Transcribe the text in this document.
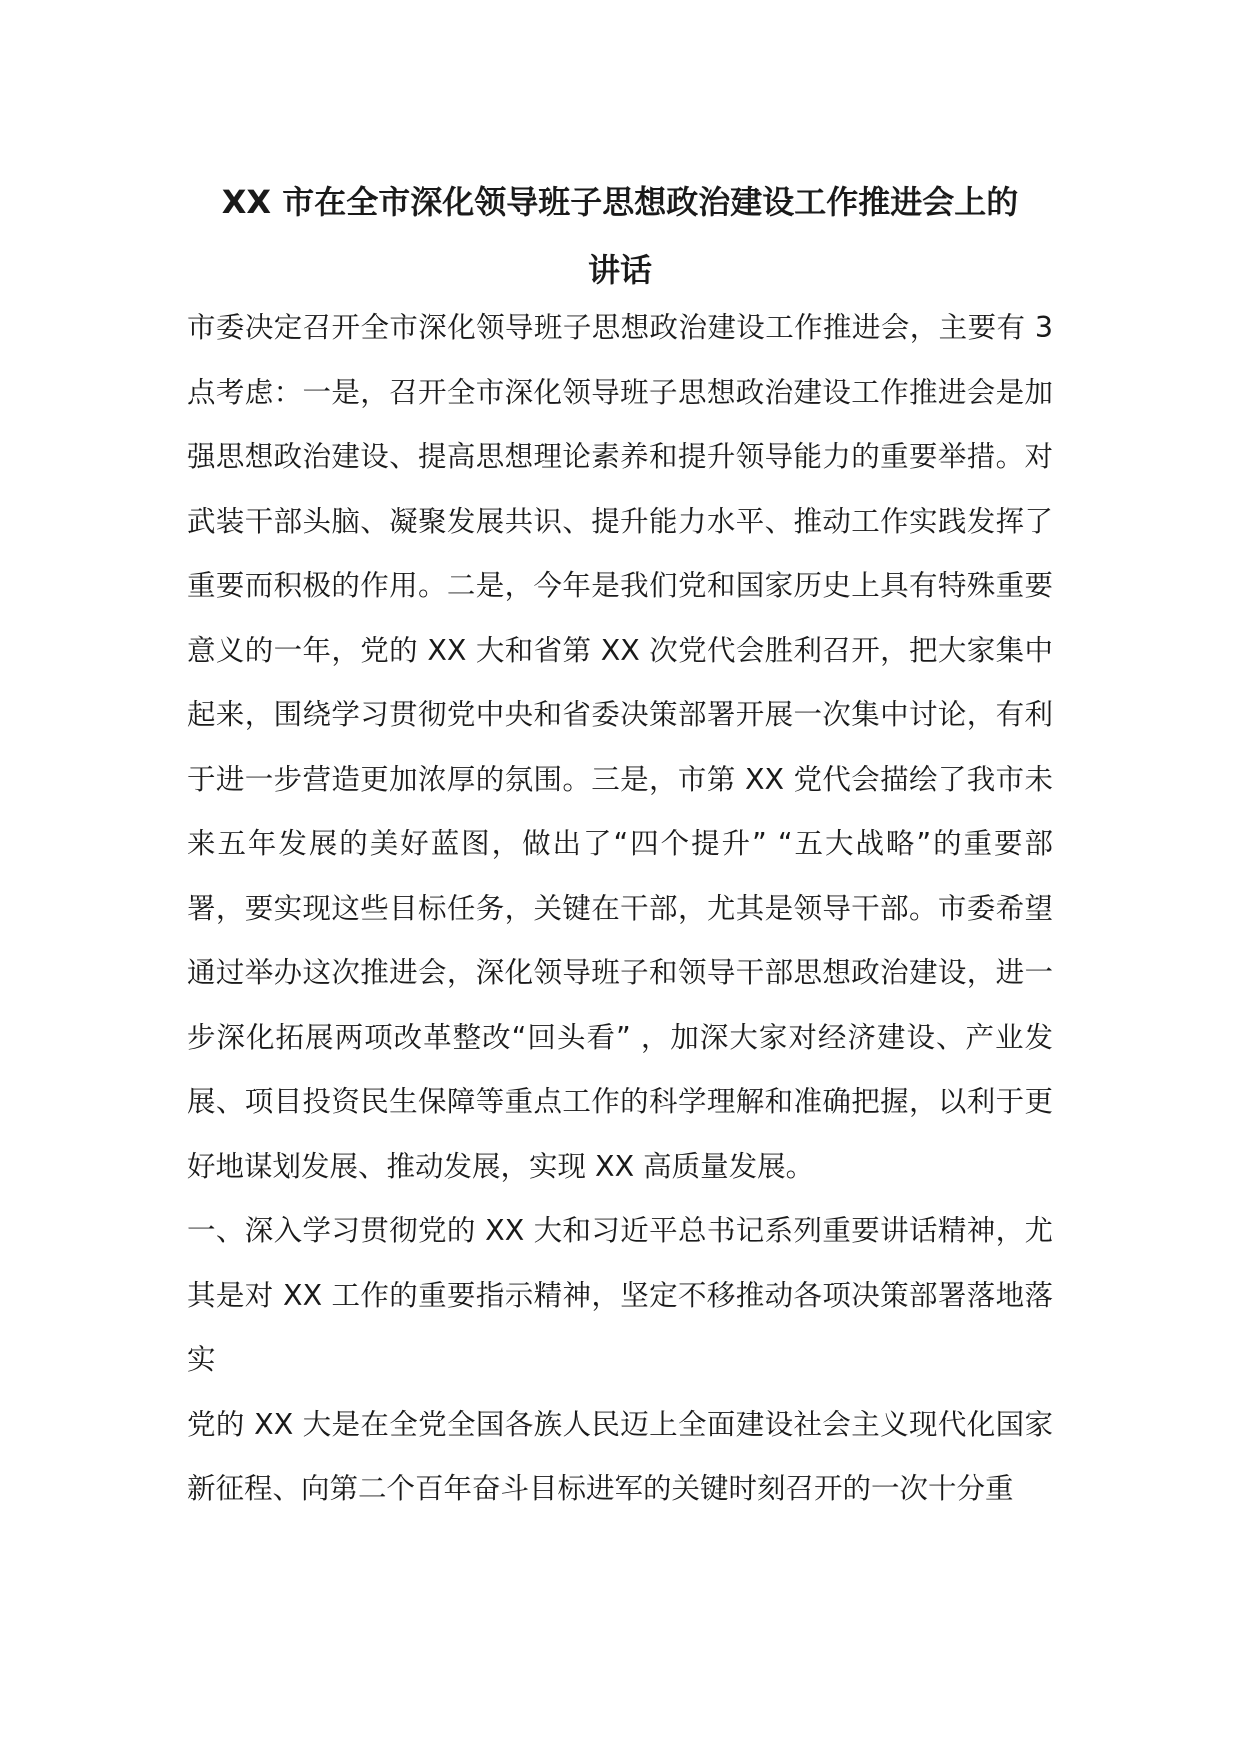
XX 市在全市深化领导班子思想政治建设工作推进会上的
讲话

市委决定召开全市深化领导班子思想政治建设工作推进会，主要有 3 点考虑：一是，召开全市深化领导班子思想政治建设工作推进会是加强思想政治建设、提高思想理论素养和提升领导能力的重要举措。对武装干部头脑、凝聚发展共识、提升能力水平、推动工作实践发挥了重要而积极的作用。二是，今年是我们党和国家历史上具有特殊重要意义的一年，党的 XX 大和省第 XX 次党代会胜利召开，把大家集中起来，围绕学习贯彻党中央和省委决策部署开展一次集中讨论，有利于进一步营造更加浓厚的氛围。三是，市第 XX 党代会描绘了我市未来五年发展的美好蓝图，做出了“四个提升” “五大战略”的重要部署，要实现这些目标任务，关键在干部，尤其是领导干部。市委希望通过举办这次推进会，深化领导班子和领导干部思想政治建设，进一步深化拓展两项改革整改“回头看” ，加深大家对经济建设、产业发展、项目投资民生保障等重点工作的科学理解和准确把握，以利于更好地谋划发展、推动发展，实现 XX 高质量发展。

一、深入学习贯彻党的 XX 大和习近平总书记系列重要讲话精神，尤其是对 XX 工作的重要指示精神，坚定不移推动各项决策部署落地落实

党的 XX 大是在全党全国各族人民迈上全面建设社会主义现代化国家新征程、向第二个百年奋斗目标进军的关键时刻召开的一次十分重
